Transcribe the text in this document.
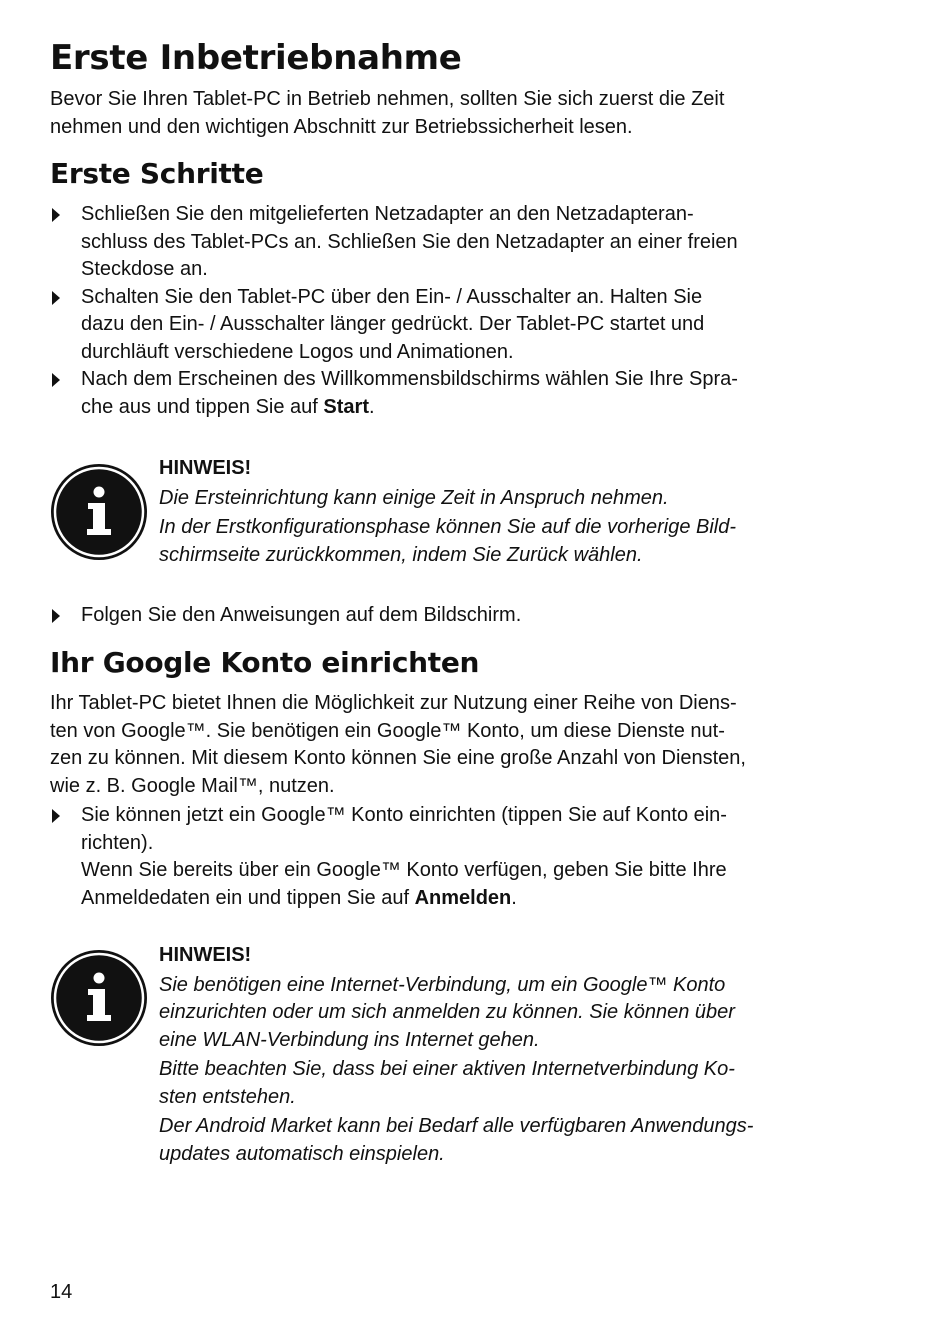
Erste Inbetriebnahme

Bevor Sie Ihren Tablet-PC in Betrieb nehmen, sollten Sie sich zuerst die Zeit

nehmen und den wichtigen Abschnitt zur Betriebssicherheit lesen.

Erste Schritte

Schließen Sie den mitgelieferten Netzadapter an den Netzadapteran-

schluss des Tablet-PCs an. Schließen Sie den Netzadapter an einer freien

Steckdose an.

Schalten Sie den Tablet-PC über den Ein- / Ausschalter an. Halten Sie

dazu den Ein- / Ausschalter länger gedrückt. Der Tablet-PC startet und

durchläuft verschiedene Logos und Animationen.

Nach dem Erscheinen des Willkommensbildschirms wählen Sie Ihre Spra-

che aus und tippen Sie auf Start.

HINWEIS!

Die Ersteinrichtung kann einige Zeit in Anspruch nehmen.

In der Erstkonfigurationsphase können Sie auf die vorherige Bild-

schirmseite zurückkommen, indem Sie Zurück wählen.

Folgen Sie den Anweisungen auf dem Bildschirm.

Ihr Google Konto einrichten

Ihr Tablet-PC bietet Ihnen die Möglichkeit zur Nutzung einer Reihe von Diens-

ten von Google™. Sie benötigen ein Google™ Konto, um diese Dienste nut-

zen zu können. Mit diesem Konto können Sie eine große Anzahl von Diensten,

wie z. B. Google Mail™, nutzen.

Sie können jetzt ein Google™ Konto einrichten (tippen Sie auf Konto ein-

richten).

Wenn Sie bereits über ein Google™ Konto verfügen, geben Sie bitte Ihre

Anmeldedaten ein und tippen Sie auf Anmelden.

HINWEIS!

Sie benötigen eine Internet-Verbindung, um ein Google™ Konto

einzurichten oder um sich anmelden zu können. Sie können über

eine WLAN-Verbindung ins Internet gehen.

Bitte beachten Sie, dass bei einer aktiven Internetverbindung Ko-

sten entstehen.

Der Android Market kann bei Bedarf alle verfügbaren Anwendungs-

updates automatisch einspielen.

14
